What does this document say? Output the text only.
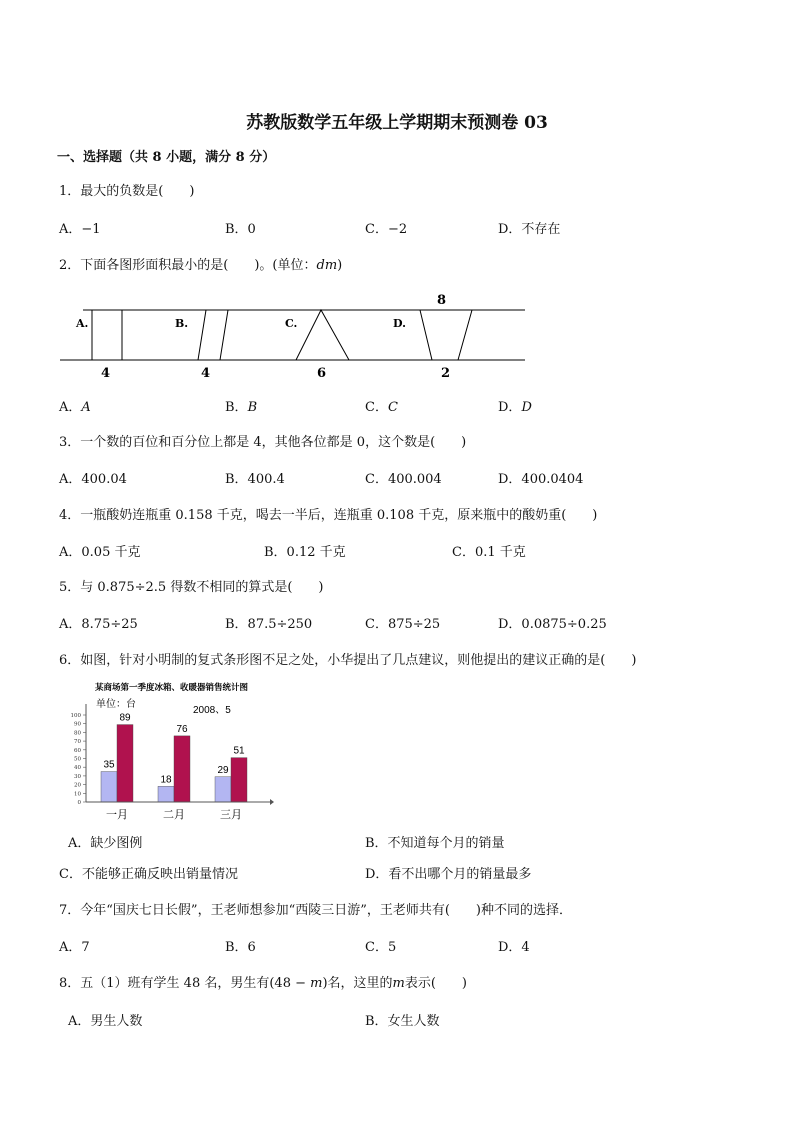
苏教版数学五年级上学期期末预测卷 03
一、选择题（共 8 小题，满分 8 分）
1．最大的负数是(　　)
A．−1	B．0	C．−2	D．不存在
2．下面各图形面积最小的是(　　)。(单位：dm)
A.	B.	C.	D.
8
4	4	6	2
A．A	B．B	C．C	D．D
3．一个数的百位和百分位上都是 4，其他各位都是 0，这个数是(　　)
A．400.04	B．400.4	C．400.004	D．400.0404
4．一瓶酸奶连瓶重 0.158 千克，喝去一半后，连瓶重 0.108 千克，原来瓶中的酸奶重(　　)
A．0.05 千克	B．0.12 千克	C．0.1 千克
5．与 0.875÷2.5 得数不相同的算式是(　　)
A．8.75÷25	B．87.5÷250	C．875÷25	D．0.0875÷0.25
6．如图，针对小明制的复式条形图不足之处，小华提出了几点建议，则他提出的建议正确的是(　　)
某商场第一季度冰箱、收暖器销售统计图
单位：台
2008、5
0
10
20
30
40
50
60
70
80
90
100
35
89
18
76
29
51
一月	二月	三月
A．缺少图例	B．不知道每个月的销量
C．不能够正确反映出销量情况	D．看不出哪个月的销量最多
7．今年“国庆七日长假”，王老师想参加“西陵三日游”，王老师共有(　　)种不同的选择．
A．7	B．6	C．5	D．4
8．五（1）班有学生 48 名，男生有(48 − m)名，这里的m表示(　　)
A．男生人数	B．女生人数
